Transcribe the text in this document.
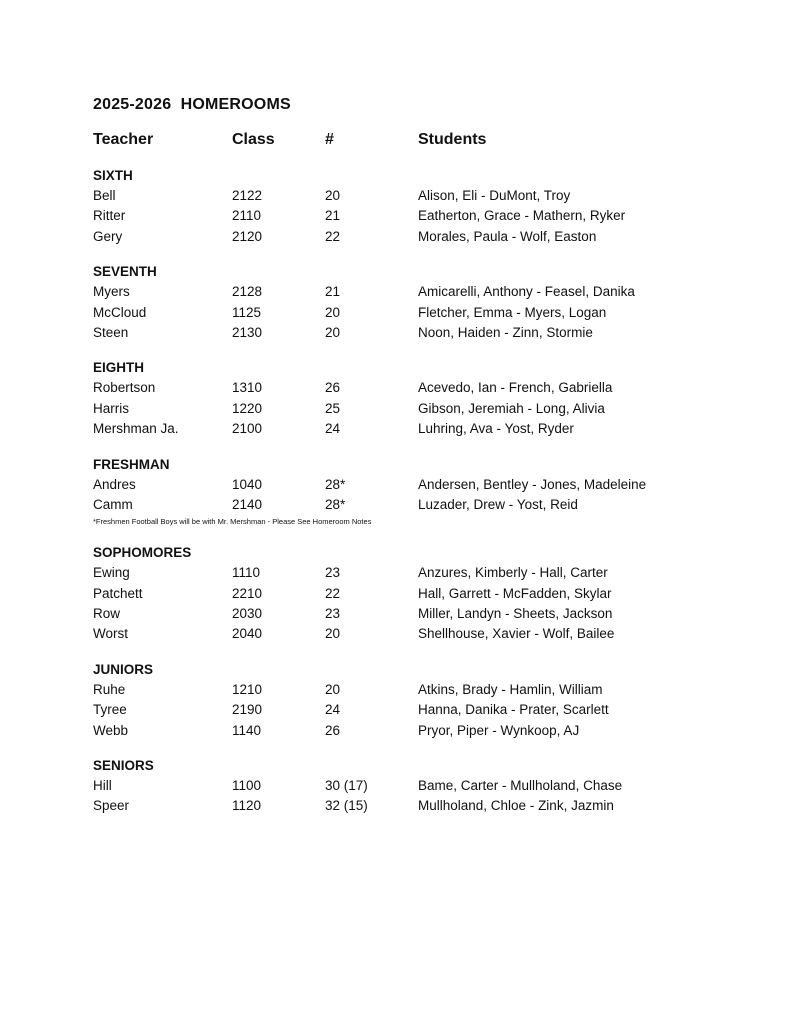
2025-2026  HOMEROOMS
Teacher	Class	#	Students
SIXTH
Bell	2122	20	Alison, Eli - DuMont, Troy
Ritter	2110	21	Eatherton, Grace - Mathern, Ryker
Gery	2120	22	Morales, Paula - Wolf, Easton
SEVENTH
Myers	2128	21	Amicarelli, Anthony - Feasel, Danika
McCloud	1125	20	Fletcher, Emma - Myers, Logan
Steen	2130	20	Noon, Haiden - Zinn, Stormie
EIGHTH
Robertson	1310	26	Acevedo, Ian - French, Gabriella
Harris	1220	25	Gibson, Jeremiah - Long, Alivia
Mershman Ja.	2100	24	Luhring, Ava - Yost, Ryder
FRESHMAN
Andres	1040	28*	Andersen, Bentley - Jones, Madeleine
Camm	2140	28*	Luzader, Drew - Yost, Reid
*Freshmen Football Boys will be with Mr. Mershman - Please See Homeroom Notes
SOPHOMORES
Ewing	1110	23	Anzures, Kimberly - Hall, Carter
Patchett	2210	22	Hall, Garrett - McFadden, Skylar
Row	2030	23	Miller, Landyn - Sheets, Jackson
Worst	2040	20	Shellhouse, Xavier - Wolf, Bailee
JUNIORS
Ruhe	1210	20	Atkins, Brady - Hamlin, William
Tyree	2190	24	Hanna, Danika - Prater, Scarlett
Webb	1140	26	Pryor, Piper - Wynkoop, AJ
SENIORS
Hill	1100	30 (17)	Bame, Carter - Mullholand, Chase
Speer	1120	32 (15)	Mullholand, Chloe - Zink, Jazmin
